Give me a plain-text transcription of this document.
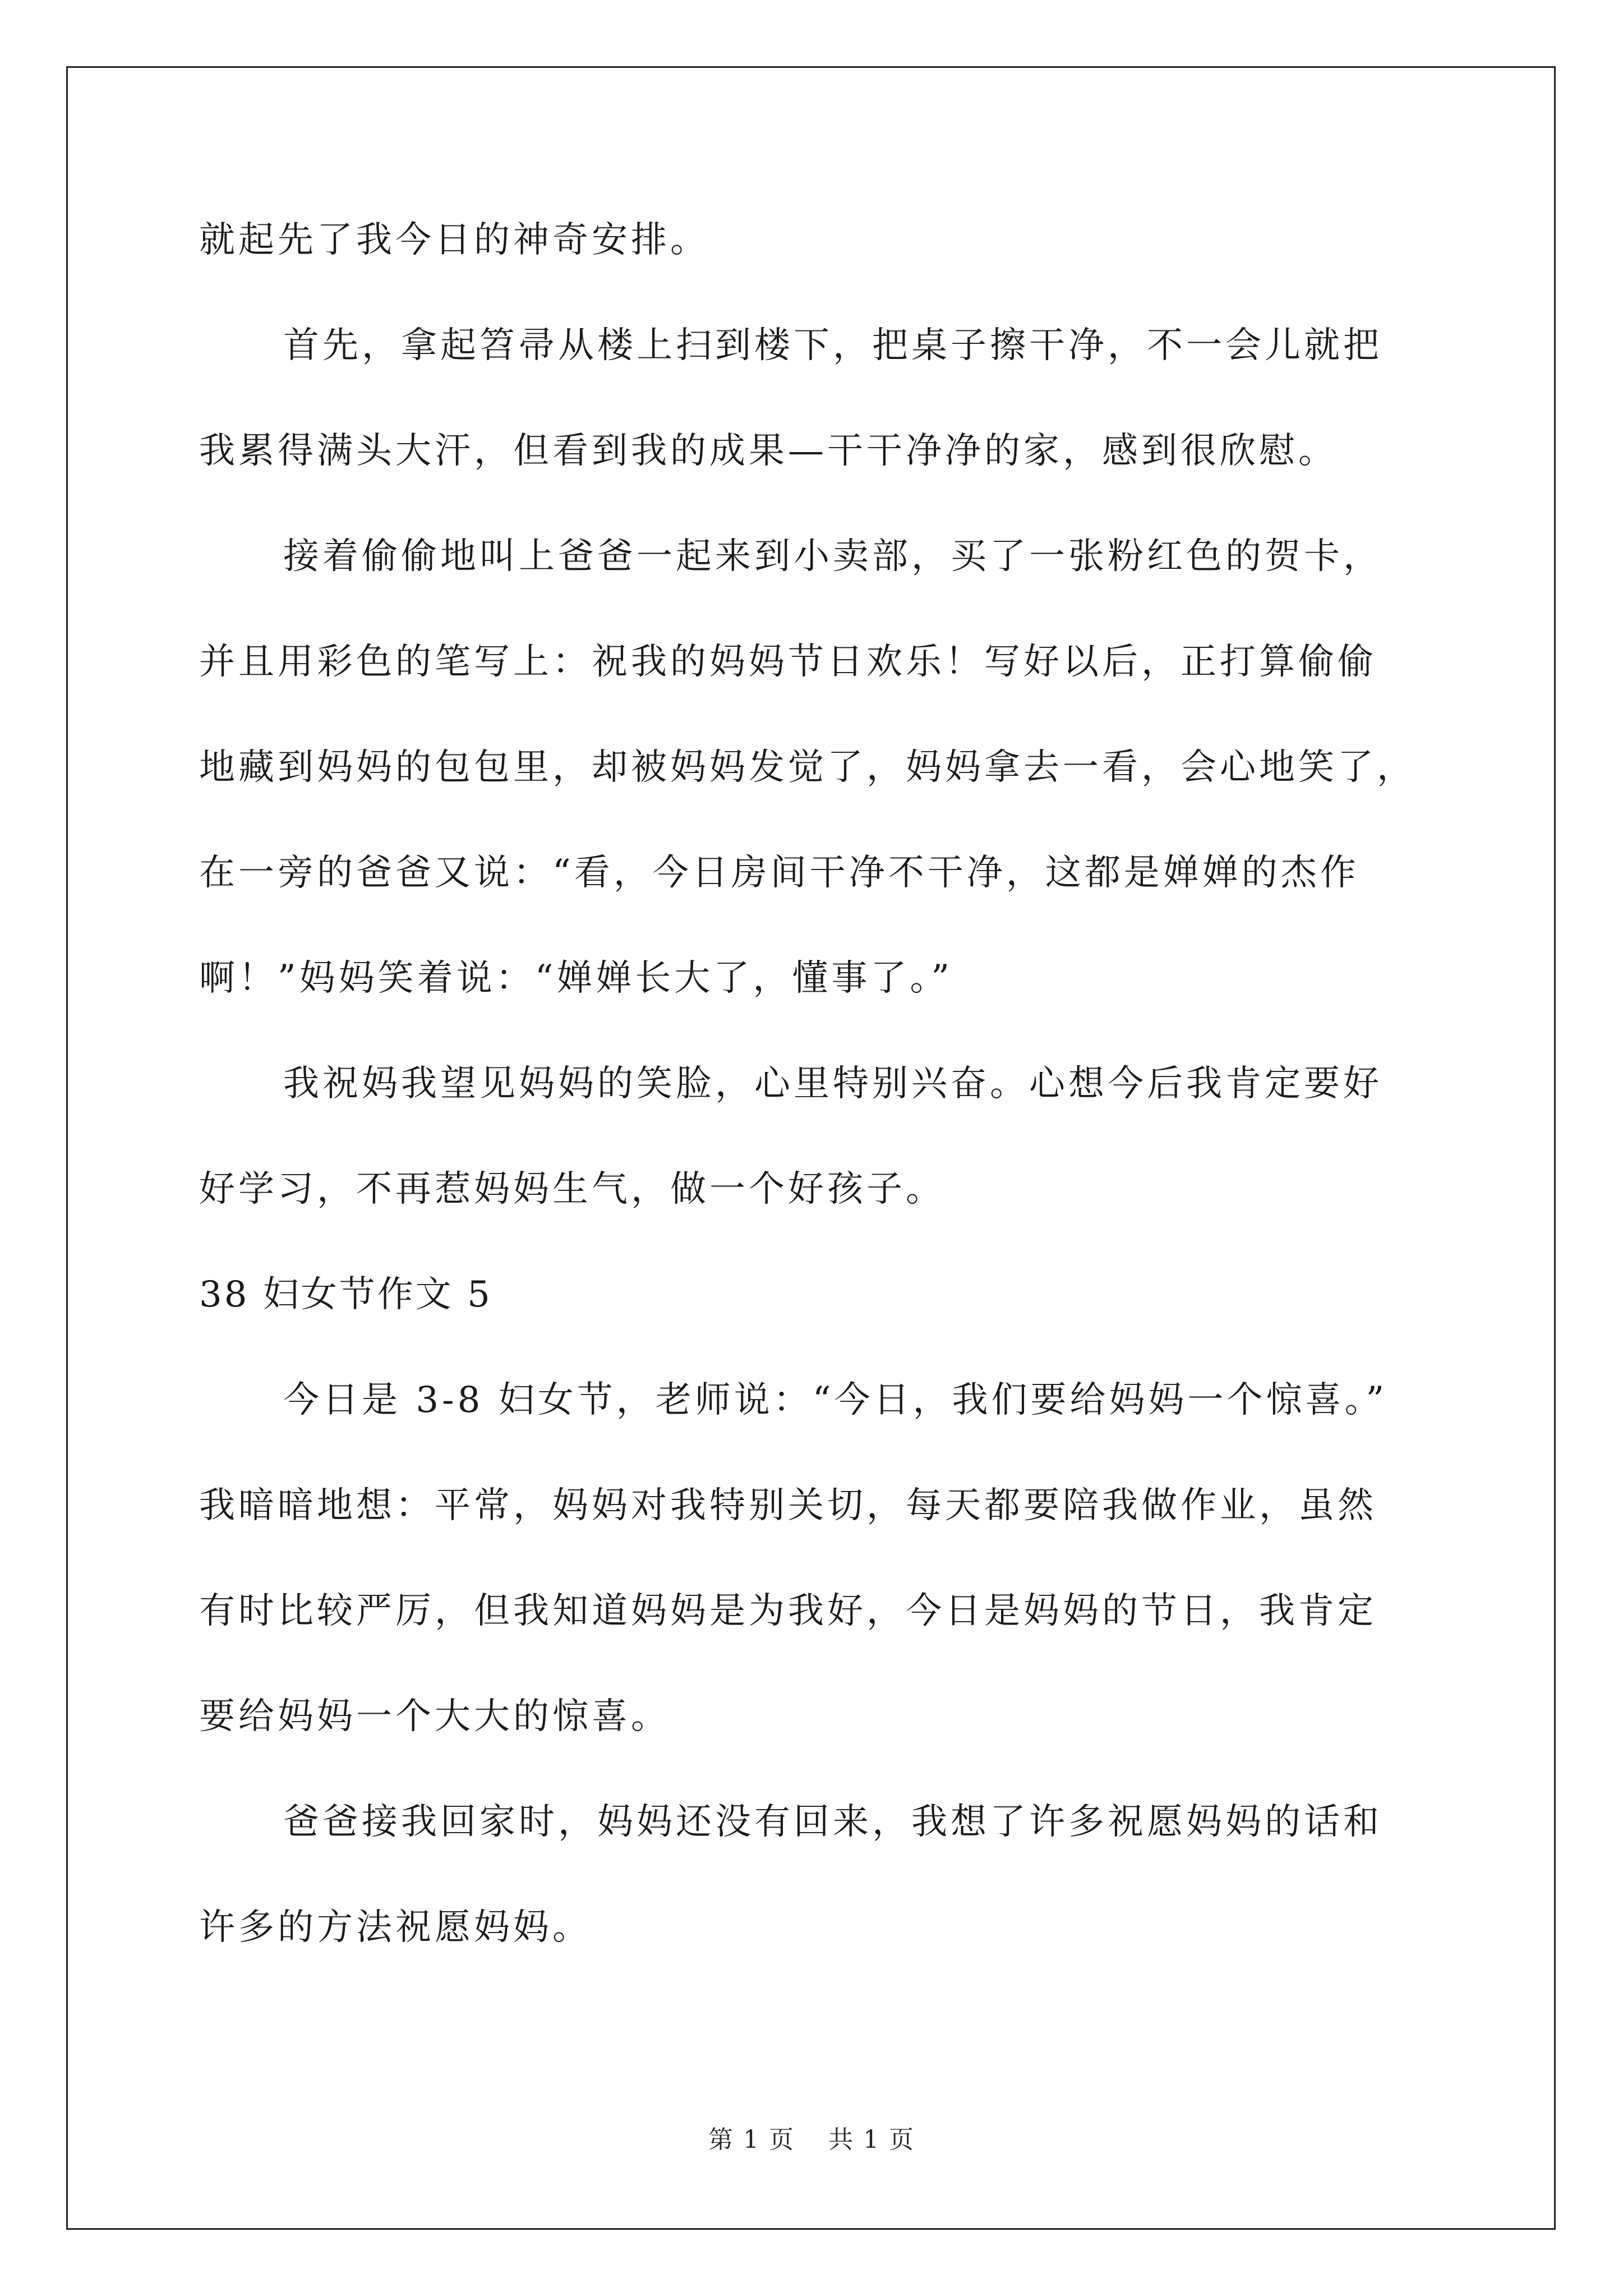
就起先了我今日的神奇安排。
首先，拿起笤帚从楼上扫到楼下，把桌子擦干净，不一会儿就把
我累得满头大汗，但看到我的成果—干干净净的家，感到很欣慰。
接着偷偷地叫上爸爸一起来到小卖部，买了一张粉红色的贺卡，
并且用彩色的笔写上：祝我的妈妈节日欢乐！写好以后，正打算偷偷
地藏到妈妈的包包里，却被妈妈发觉了，妈妈拿去一看，会心地笑了，
在一旁的爸爸又说：“看，今日房间干净不干净，这都是婵婵的杰作
啊！”妈妈笑着说：“婵婵长大了，懂事了。”
我祝妈我望见妈妈的笑脸，心里特别兴奋。心想今后我肯定要好
好学习，不再惹妈妈生气，做一个好孩子。
38 妇女节作文 5
今日是 3-8 妇女节，老师说：“今日，我们要给妈妈一个惊喜。”
我暗暗地想：平常，妈妈对我特别关切，每天都要陪我做作业，虽然
有时比较严厉，但我知道妈妈是为我好，今日是妈妈的节日，我肯定
要给妈妈一个大大的惊喜。
爸爸接我回家时，妈妈还没有回来，我想了许多祝愿妈妈的话和
许多的方法祝愿妈妈。
第 1 页 共 1 页
